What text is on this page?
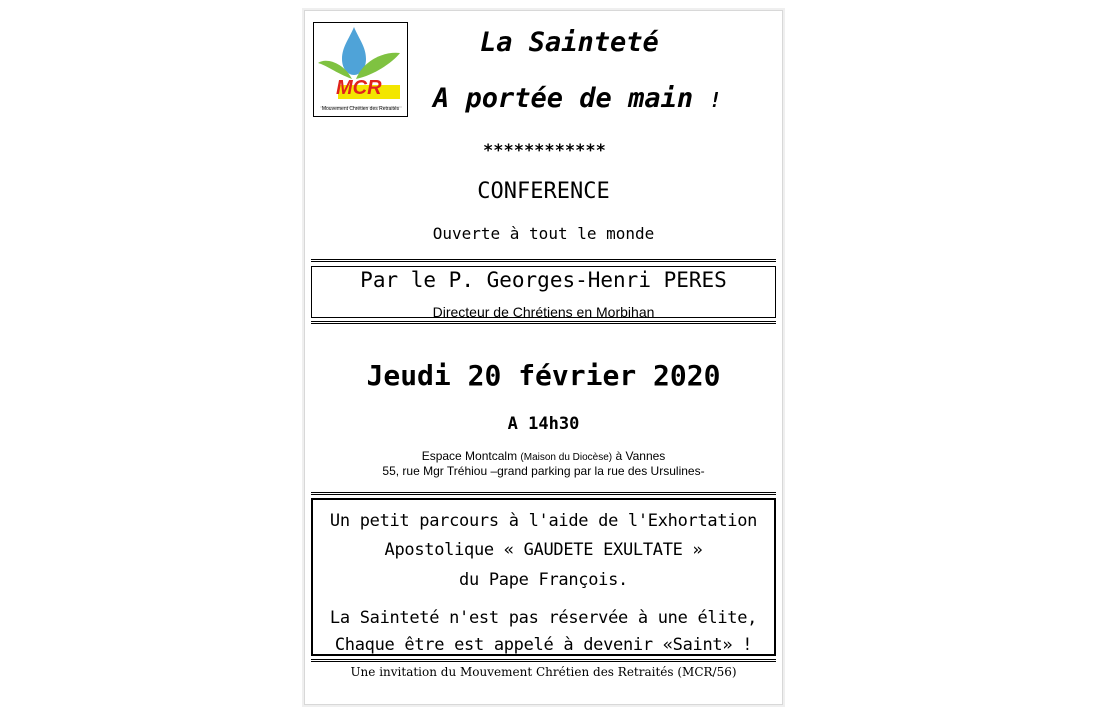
MCR
Mouvement Chrétien des Retraités
La Sainteté
A portée de main !
************
CONFERENCE
Ouverte à tout le monde
Par le P. Georges-Henri PERES
Directeur de Chrétiens en Morbihan
Jeudi 20 février 2020
A 14h30
Espace Montcalm (Maison du Diocèse) à Vannes
55, rue Mgr Tréhiou –grand parking par la rue des Ursulines-
Un petit parcours à l'aide de l'Exhortation
Apostolique « GAUDETE EXULTATE »
du Pape François.
La Sainteté n'est pas réservée à une élite,
Chaque être est appelé à devenir «Saint» !
Une invitation du Mouvement Chrétien des Retraités (MCR/56)
